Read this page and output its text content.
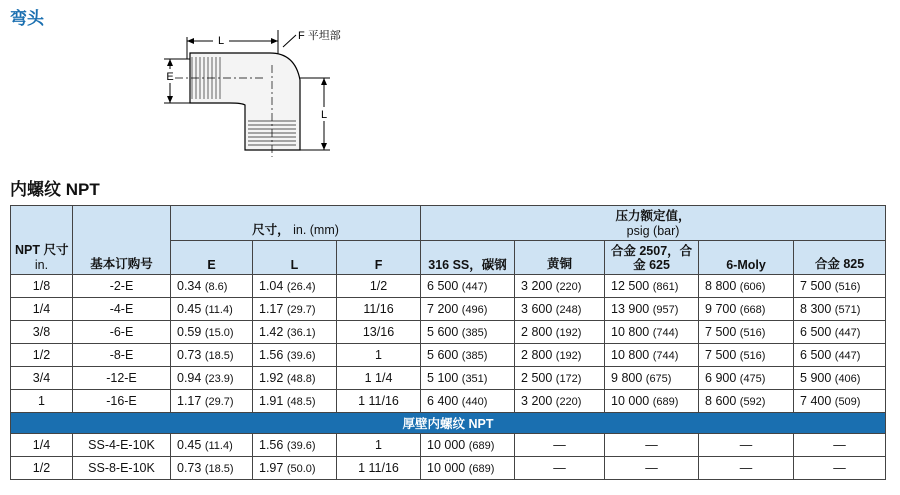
弯头
L	F 平坦部
E
L
内螺纹 NPT
NPT 尺寸
in.	基本订购号	尺寸， in. (mm)			压力额定值，
psig (bar)				
		E	L	F	316 SS，碳钢	黄铜	合金 2507，合金 625	6-Moly	合金 825
1/8	-2-E	0.34 (8.6)	1.04 (26.4)	1/2	6 500 (447)	3 200 (220)	12 500 (861)	8 800 (606)	7 500 (516)
1/4	-4-E	0.45 (11.4)	1.17 (29.7)	11/16	7 200 (496)	3 600 (248)	13 900 (957)	9 700 (668)	8 300 (571)
3/8	-6-E	0.59 (15.0)	1.42 (36.1)	13/16	5 600 (385)	2 800 (192)	10 800 (744)	7 500 (516)	6 500 (447)
1/2	-8-E	0.73 (18.5)	1.56 (39.6)	1	5 600 (385)	2 800 (192)	10 800 (744)	7 500 (516)	6 500 (447)
3/4	-12-E	0.94 (23.9)	1.92 (48.8)	1 1/4	5 100 (351)	2 500 (172)	9 800 (675)	6 900 (475)	5 900 (406)
1	-16-E	1.17 (29.7)	1.91 (48.5)	1 11/16	6 400 (440)	3 200 (220)	10 000 (689)	8 600 (592)	7 400 (509)
厚壁内螺纹 NPT									
1/4	SS-4-E-10K	0.45 (11.4)	1.56 (39.6)	1	10 000 (689)	—	—	—	—
1/2	SS-8-E-10K	0.73 (18.5)	1.97 (50.0)	1 11/16	10 000 (689)	—	—	—	—
